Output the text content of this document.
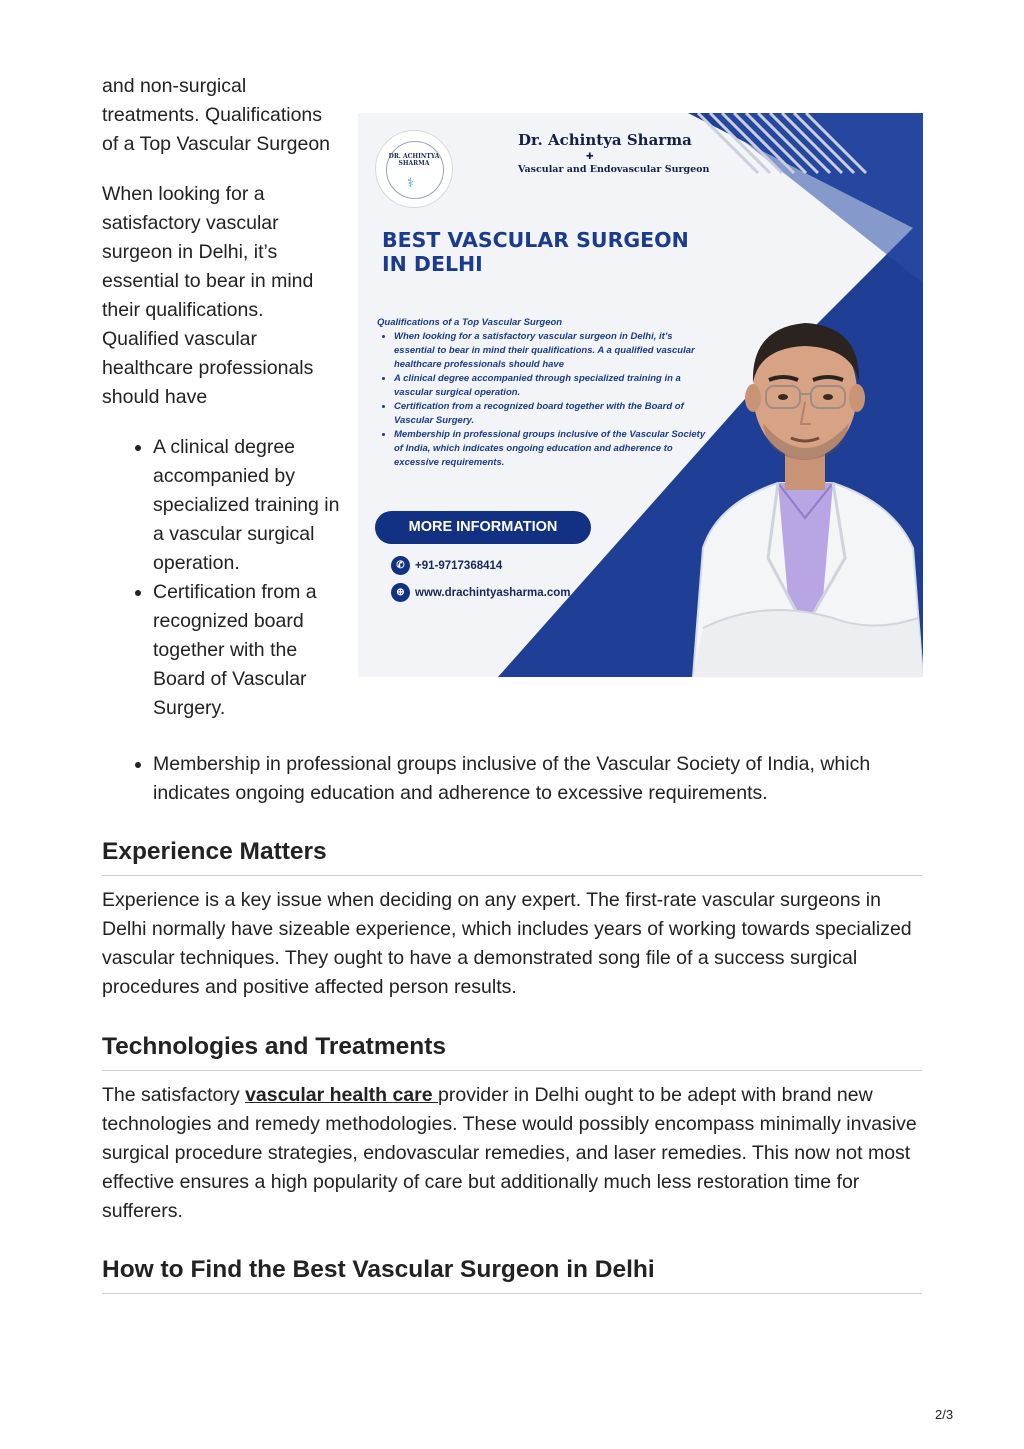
and non-surgical treatments. Qualifications of a Top Vascular Surgeon

When looking for a satisfactory vascular surgeon in Delhi, it’s essential to bear in mind their qualifications. Qualified vascular healthcare professionals should have

• A clinical degree accompanied by specialized training in a vascular surgical operation.
• Certification from a recognized board together with the Board of Vascular Surgery.
• Membership in professional groups inclusive of the Vascular Society of India, which indicates ongoing education and adherence to excessive requirements.
DR. ACHINTYA SHARMA
⚕
Dr. Achintya Sharma
✚
Vascular and Endovascular Surgeon
BEST VASCULAR SURGEON
IN DELHI
Qualifications of a Top Vascular Surgeon
• When looking for a satisfactory vascular surgeon in Delhi, it’s essential to bear in mind their qualifications. A a qualified vascular healthcare professionals should have
• A clinical degree accompanied through specialized training in a vascular surgical operation.
• Certification from a recognized board together with the Board of Vascular Surgery.
• Membership in professional groups inclusive of the Vascular Society of India, which indicates ongoing education and adherence to excessive requirements.
MORE INFORMATION
✆ +91-9717368414
⊕ www.drachintyasharma.com
Experience Matters

Experience is a key issue when deciding on any expert. The first-rate vascular surgeons in Delhi normally have sizeable experience, which includes years of working towards specialized vascular techniques. They ought to have a demonstrated song file of a success surgical procedures and positive affected person results.

Technologies and Treatments

The satisfactory vascular health care provider in Delhi ought to be adept with brand new technologies and remedy methodologies. These would possibly encompass minimally invasive surgical procedure strategies, endovascular remedies, and laser remedies. This now not most effective ensures a high popularity of care but additionally much less restoration time for sufferers.

How to Find the Best Vascular Surgeon in Delhi
2/3
